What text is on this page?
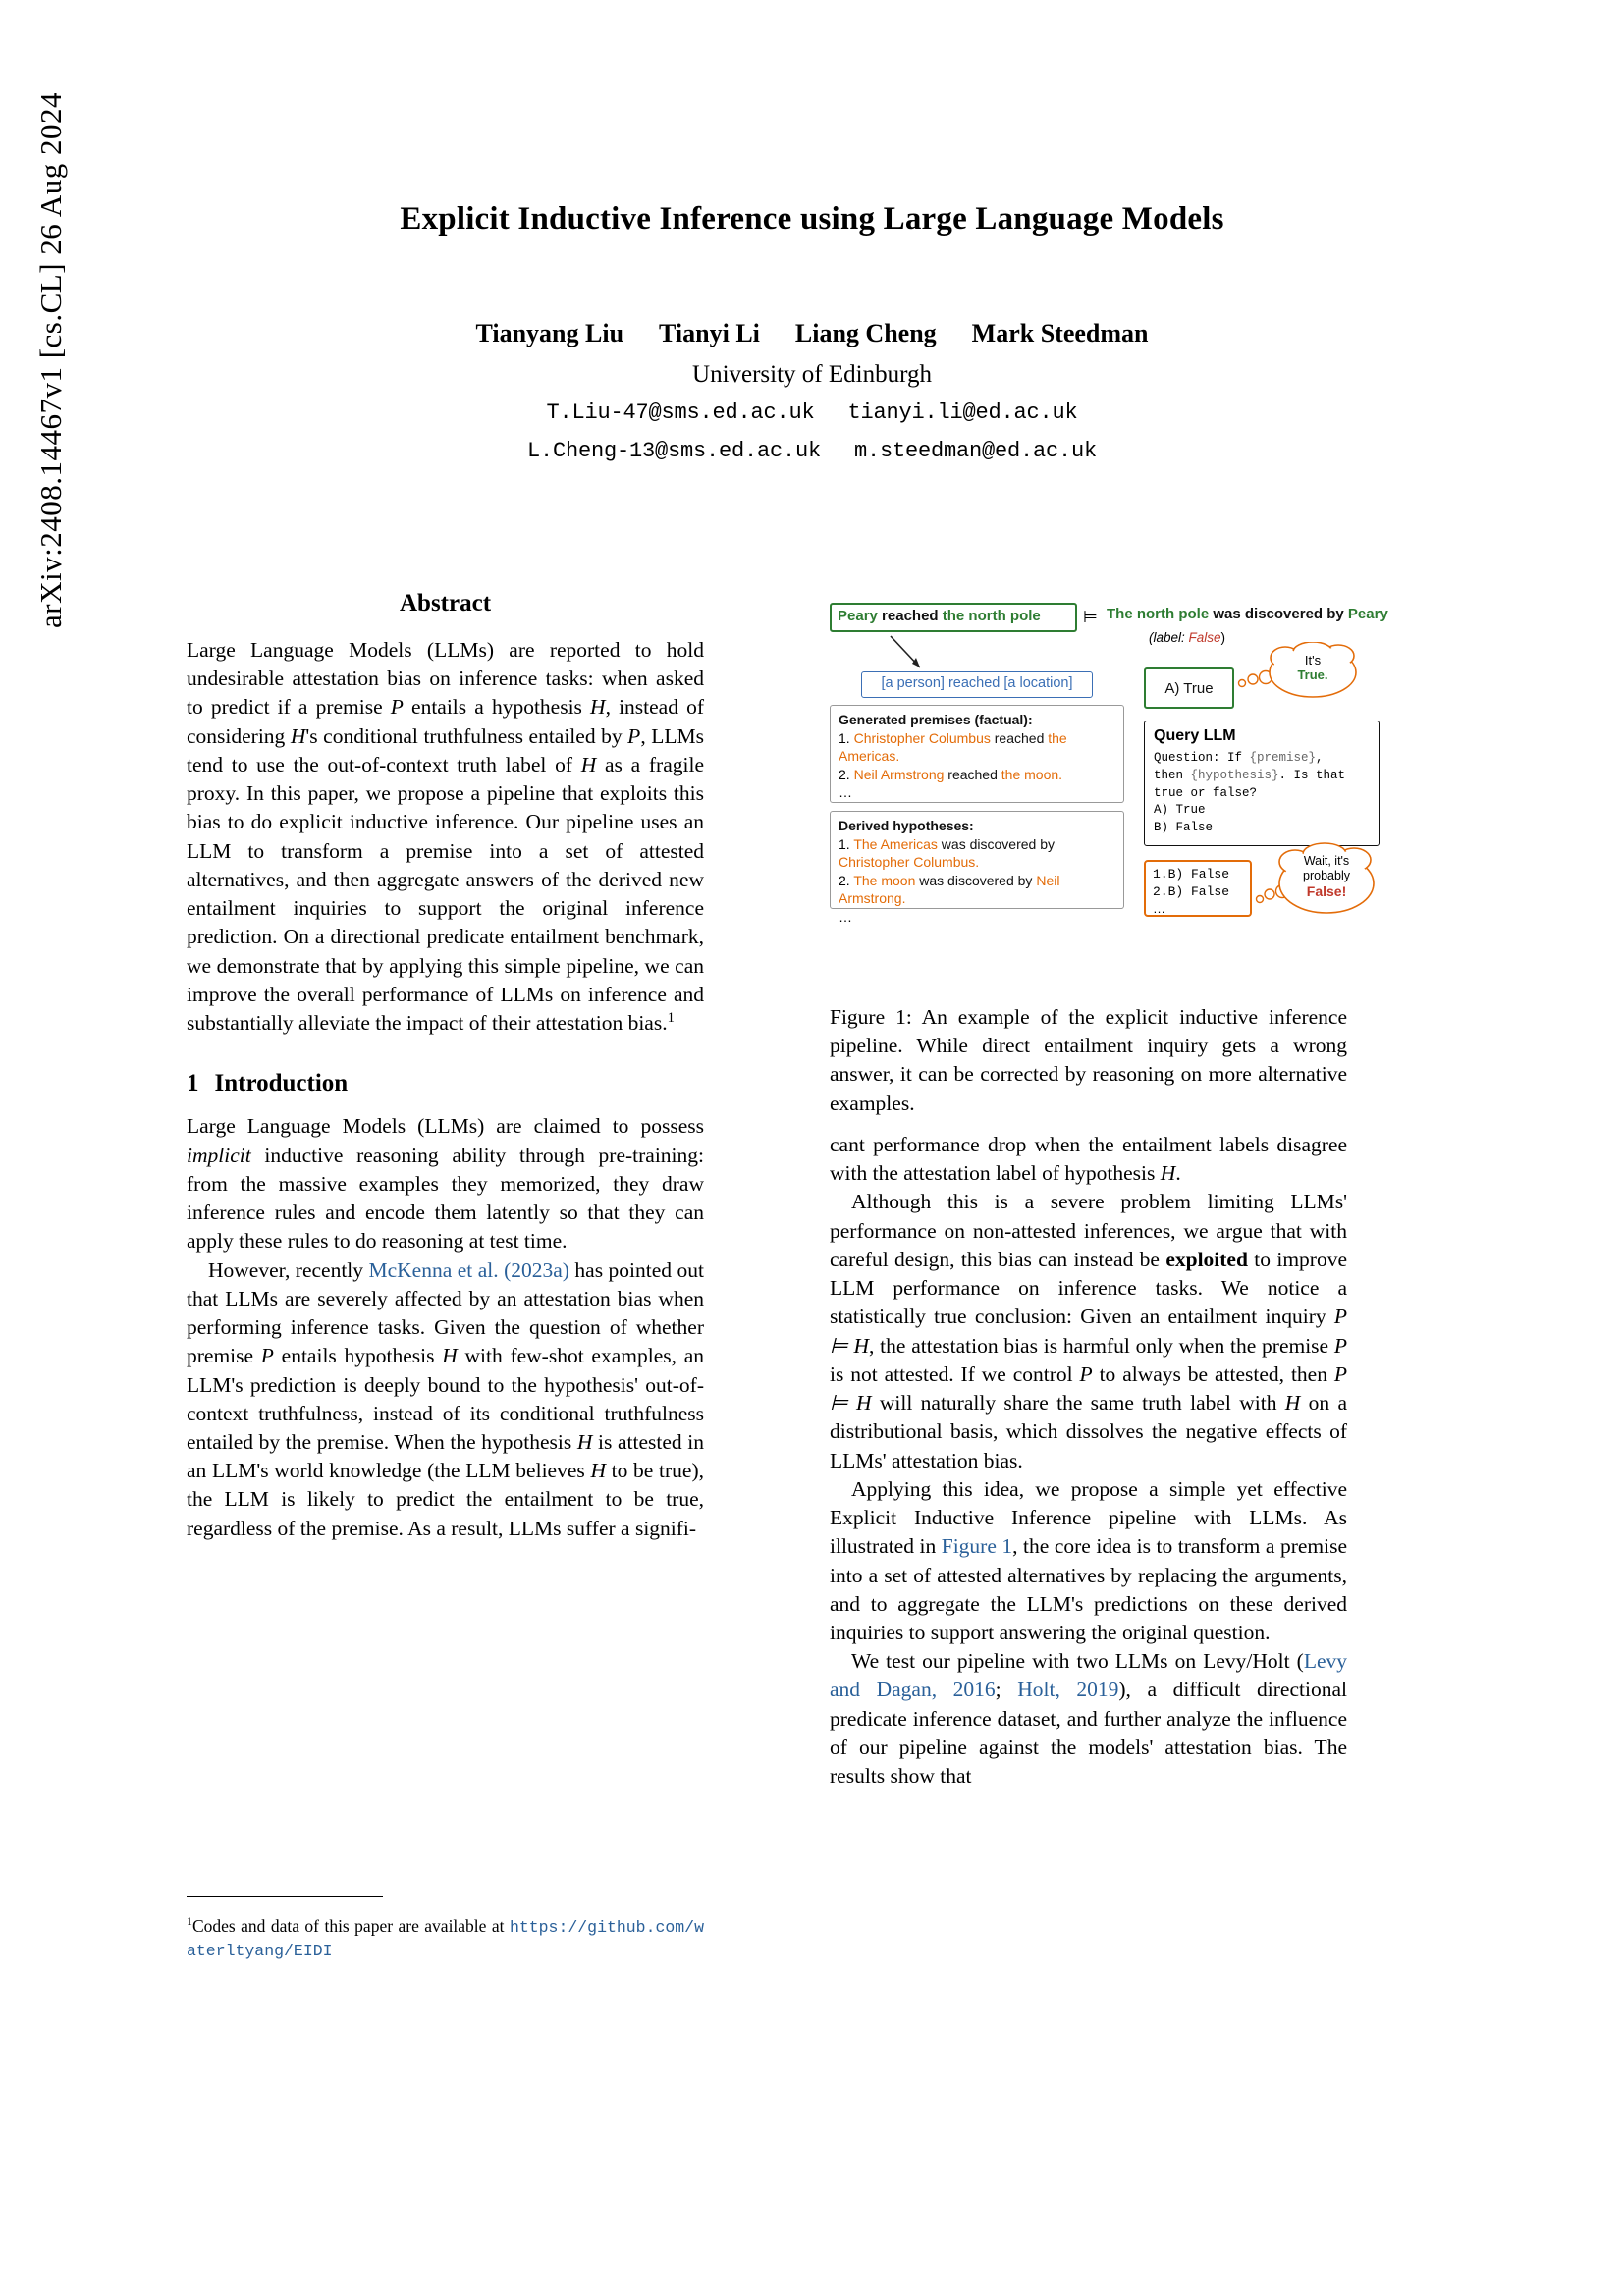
arXiv:2408.14467v1 [cs.CL] 26 Aug 2024	Explicit Inductive Inference using Large Language Models
Tianyang Liu Tianyi Li Liang Cheng Mark Steedman
University of Edinburgh
T.Liu-47@sms.ed.ac.uk tianyi.li@ed.ac.uk
L.Cheng-13@sms.ed.ac.uk m.steedman@ed.ac.uk
Abstract

Large Language Models (LLMs) are reported to hold undesirable attestation bias on inference tasks: when asked to predict if a premise P entails a hypothesis H, instead of considering H's conditional truthfulness entailed by P, LLMs tend to use the out-of-context truth label of H as a fragile proxy. In this paper, we propose a pipeline that exploits this bias to do explicit inductive inference. Our pipeline uses an LLM to transform a premise into a set of attested alternatives, and then aggregate answers of the derived new entailment inquiries to support the original inference prediction. On a directional predicate entailment benchmark, we demonstrate that by applying this simple pipeline, we can improve the overall performance of LLMs on inference and substantially alleviate the impact of their attestation bias.$^1$

1 Introduction

Large Language Models (LLMs) are claimed to possess implicit inductive reasoning ability through pre-training: from the massive examples they memorized, they draw inference rules and encode them latently so that they can apply these rules to do reasoning at test time.

However, recently McKenna et al. (2023a) has pointed out that LLMs are severely affected by an attestation bias when performing inference tasks. Given the question of whether premise P entails hypothesis H with few-shot examples, an LLM's prediction is deeply bound to the hypothesis' out-of-context truthfulness, instead of its conditional truthfulness entailed by the premise. When the hypothesis H is attested in an LLM's world knowledge (the LLM believes H to be true), the LLM is likely to predict the entailment to be true, regardless of the premise. As a result, LLMs suffer a signifi-

$^1$Codes and data of this paper are available at https://github.com/waterltyang/EIDI
Peary reached the north pole	⊨ The north pole was discovered by Peary
(label: False)
[a person] reached [a location]
Generated premises (factual):
1. Christopher Columbus reached the Americas.
2. Neil Armstrong reached the moon.
…
Derived hypotheses:
1. The Americas was discovered by Christopher Columbus.
2. The moon was discovered by Neil Armstrong.
…
A) True
It's
True.
Query LLM
Question: If {premise},
then {hypothesis}. Is that
true or false?
A) True
B) False
1.B) False
2.B) False
…
Wait, it's
probably
False!
Figure 1: An example of the explicit inductive inference pipeline. While direct entailment inquiry gets a wrong answer, it can be corrected by reasoning on more alternative examples.

cant performance drop when the entailment labels disagree with the attestation label of hypothesis H.

Although this is a severe problem limiting LLMs' performance on non-attested inferences, we argue that with careful design, this bias can instead be exploited to improve LLM performance on inference tasks. We notice a statistically true conclusion: Given an entailment inquiry P ⊨ H, the attestation bias is harmful only when the premise P is not attested. If we control P to always be attested, then P ⊨ H will naturally share the same truth label with H on a distributional basis, which dissolves the negative effects of LLMs' attestation bias.

Applying this idea, we propose a simple yet effective Explicit Inductive Inference pipeline with LLMs. As illustrated in Figure 1, the core idea is to transform a premise into a set of attested alternatives by replacing the arguments, and to aggregate the LLM's predictions on these derived inquiries to support answering the original question.

We test our pipeline with two LLMs on Levy/Holt (Levy and Dagan, 2016; Holt, 2019), a difficult directional predicate inference dataset, and further analyze the influence of our pipeline against the models' attestation bias. The results show that
